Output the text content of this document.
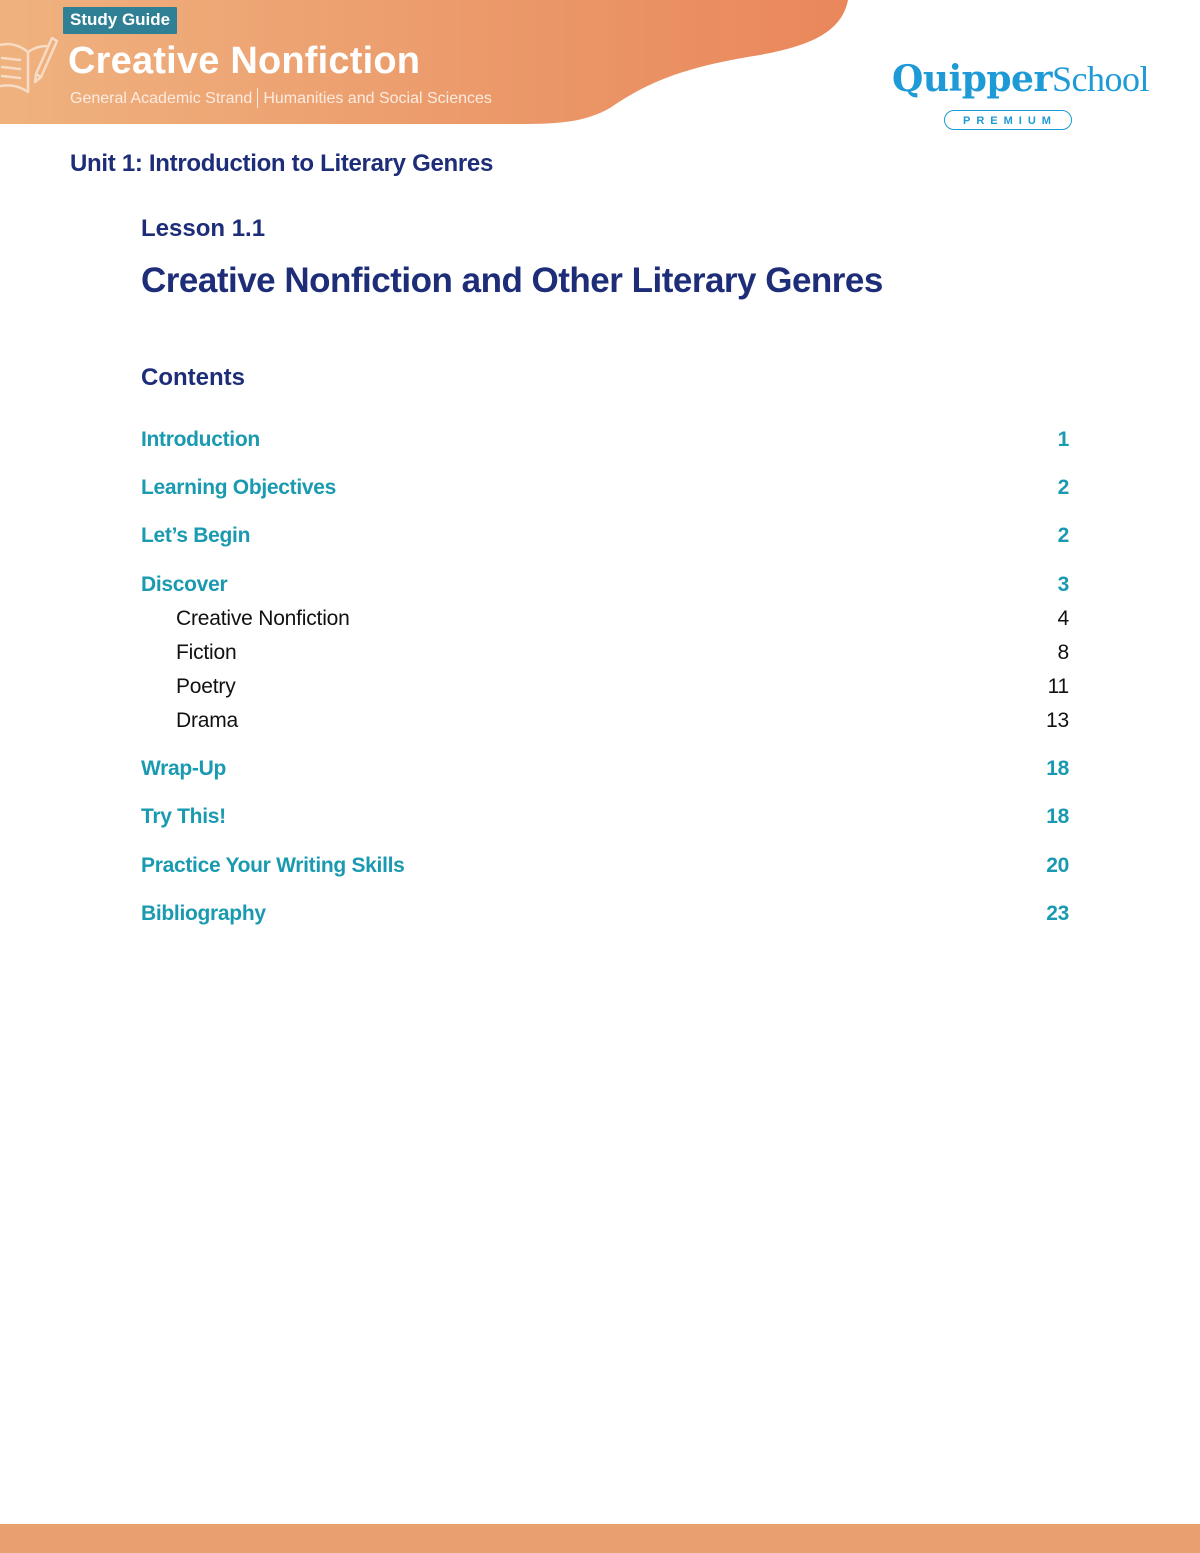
Study Guide
Creative Nonfiction
General Academic Strand Humanities and Social Sciences	QuipperSchool
PREMIUM
Unit 1: Introduction to Literary Genres
Lesson 1.1
Creative Nonfiction and Other Literary Genres
Contents
Introduction	1
Learning Objectives	2
Let’s Begin	2
Discover	3
Creative Nonfiction	4
Fiction	8
Poetry	11
Drama	13
Wrap-Up	18
Try This!	18
Practice Your Writing Skills	20
Bibliography	23
